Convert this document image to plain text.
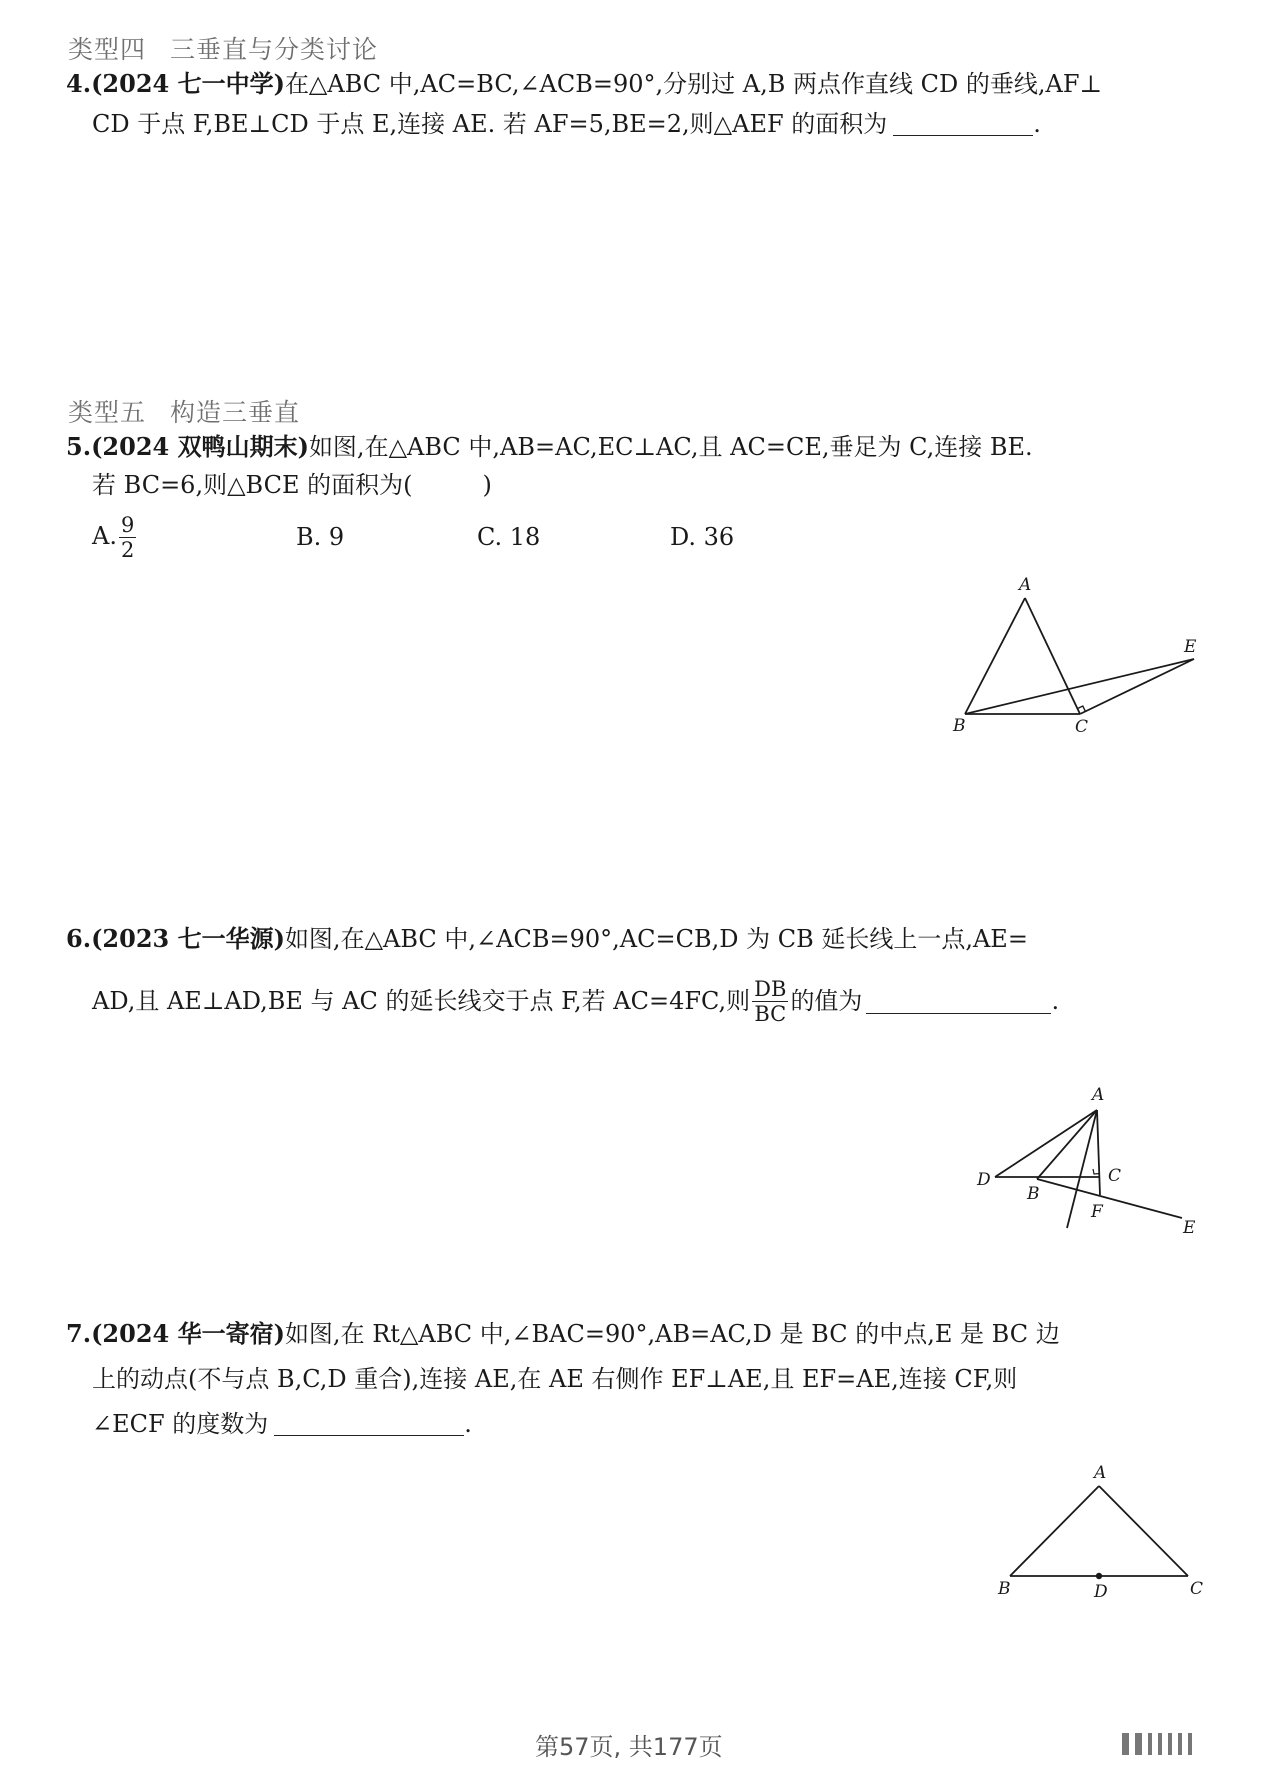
类型四 三垂直与分类讨论
4.(2024 七一中学)在△ABC 中,AC=BC,∠ACB=90°,分别过 A,B 两点作直线 CD 的垂线,AF⊥
CD 于点 F,BE⊥CD 于点 E,连接 AE. 若 AF=5,BE=2,则△AEF 的面积为	.
类型五 构造三垂直
5.(2024 双鸭山期末)如图,在△ABC 中,AB=AC,EC⊥AC,且 AC=CE,垂足为 C,连接 BE.
若 BC=6,则△BCE 的面积为(	)
A. $\frac{9}{2}$	B. 9	C. 18	D. 36
A
B	C
E
6.(2023 七一华源)如图,在△ABC 中,∠ACB=90°,AC=CB,D 为 CB 延长线上一点,AE=
AD,且 AE⊥AD,BE 与 AC 的延长线交于点 F,若 AC=4FC,则 $\frac{DB}{BC}$ 的值为	.
A
B
C
D
E
F
7.(2024 华一寄宿)如图,在 Rt△ABC 中,∠BAC=90°,AB=AC,D 是 BC 的中点,E 是 BC 边
上的动点(不与点 B,C,D 重合),连接 AE,在 AE 右侧作 EF⊥AE,且 EF=AE,连接 CF,则
∠ECF 的度数为	.
A
B	D	C
第57页, 共177页
